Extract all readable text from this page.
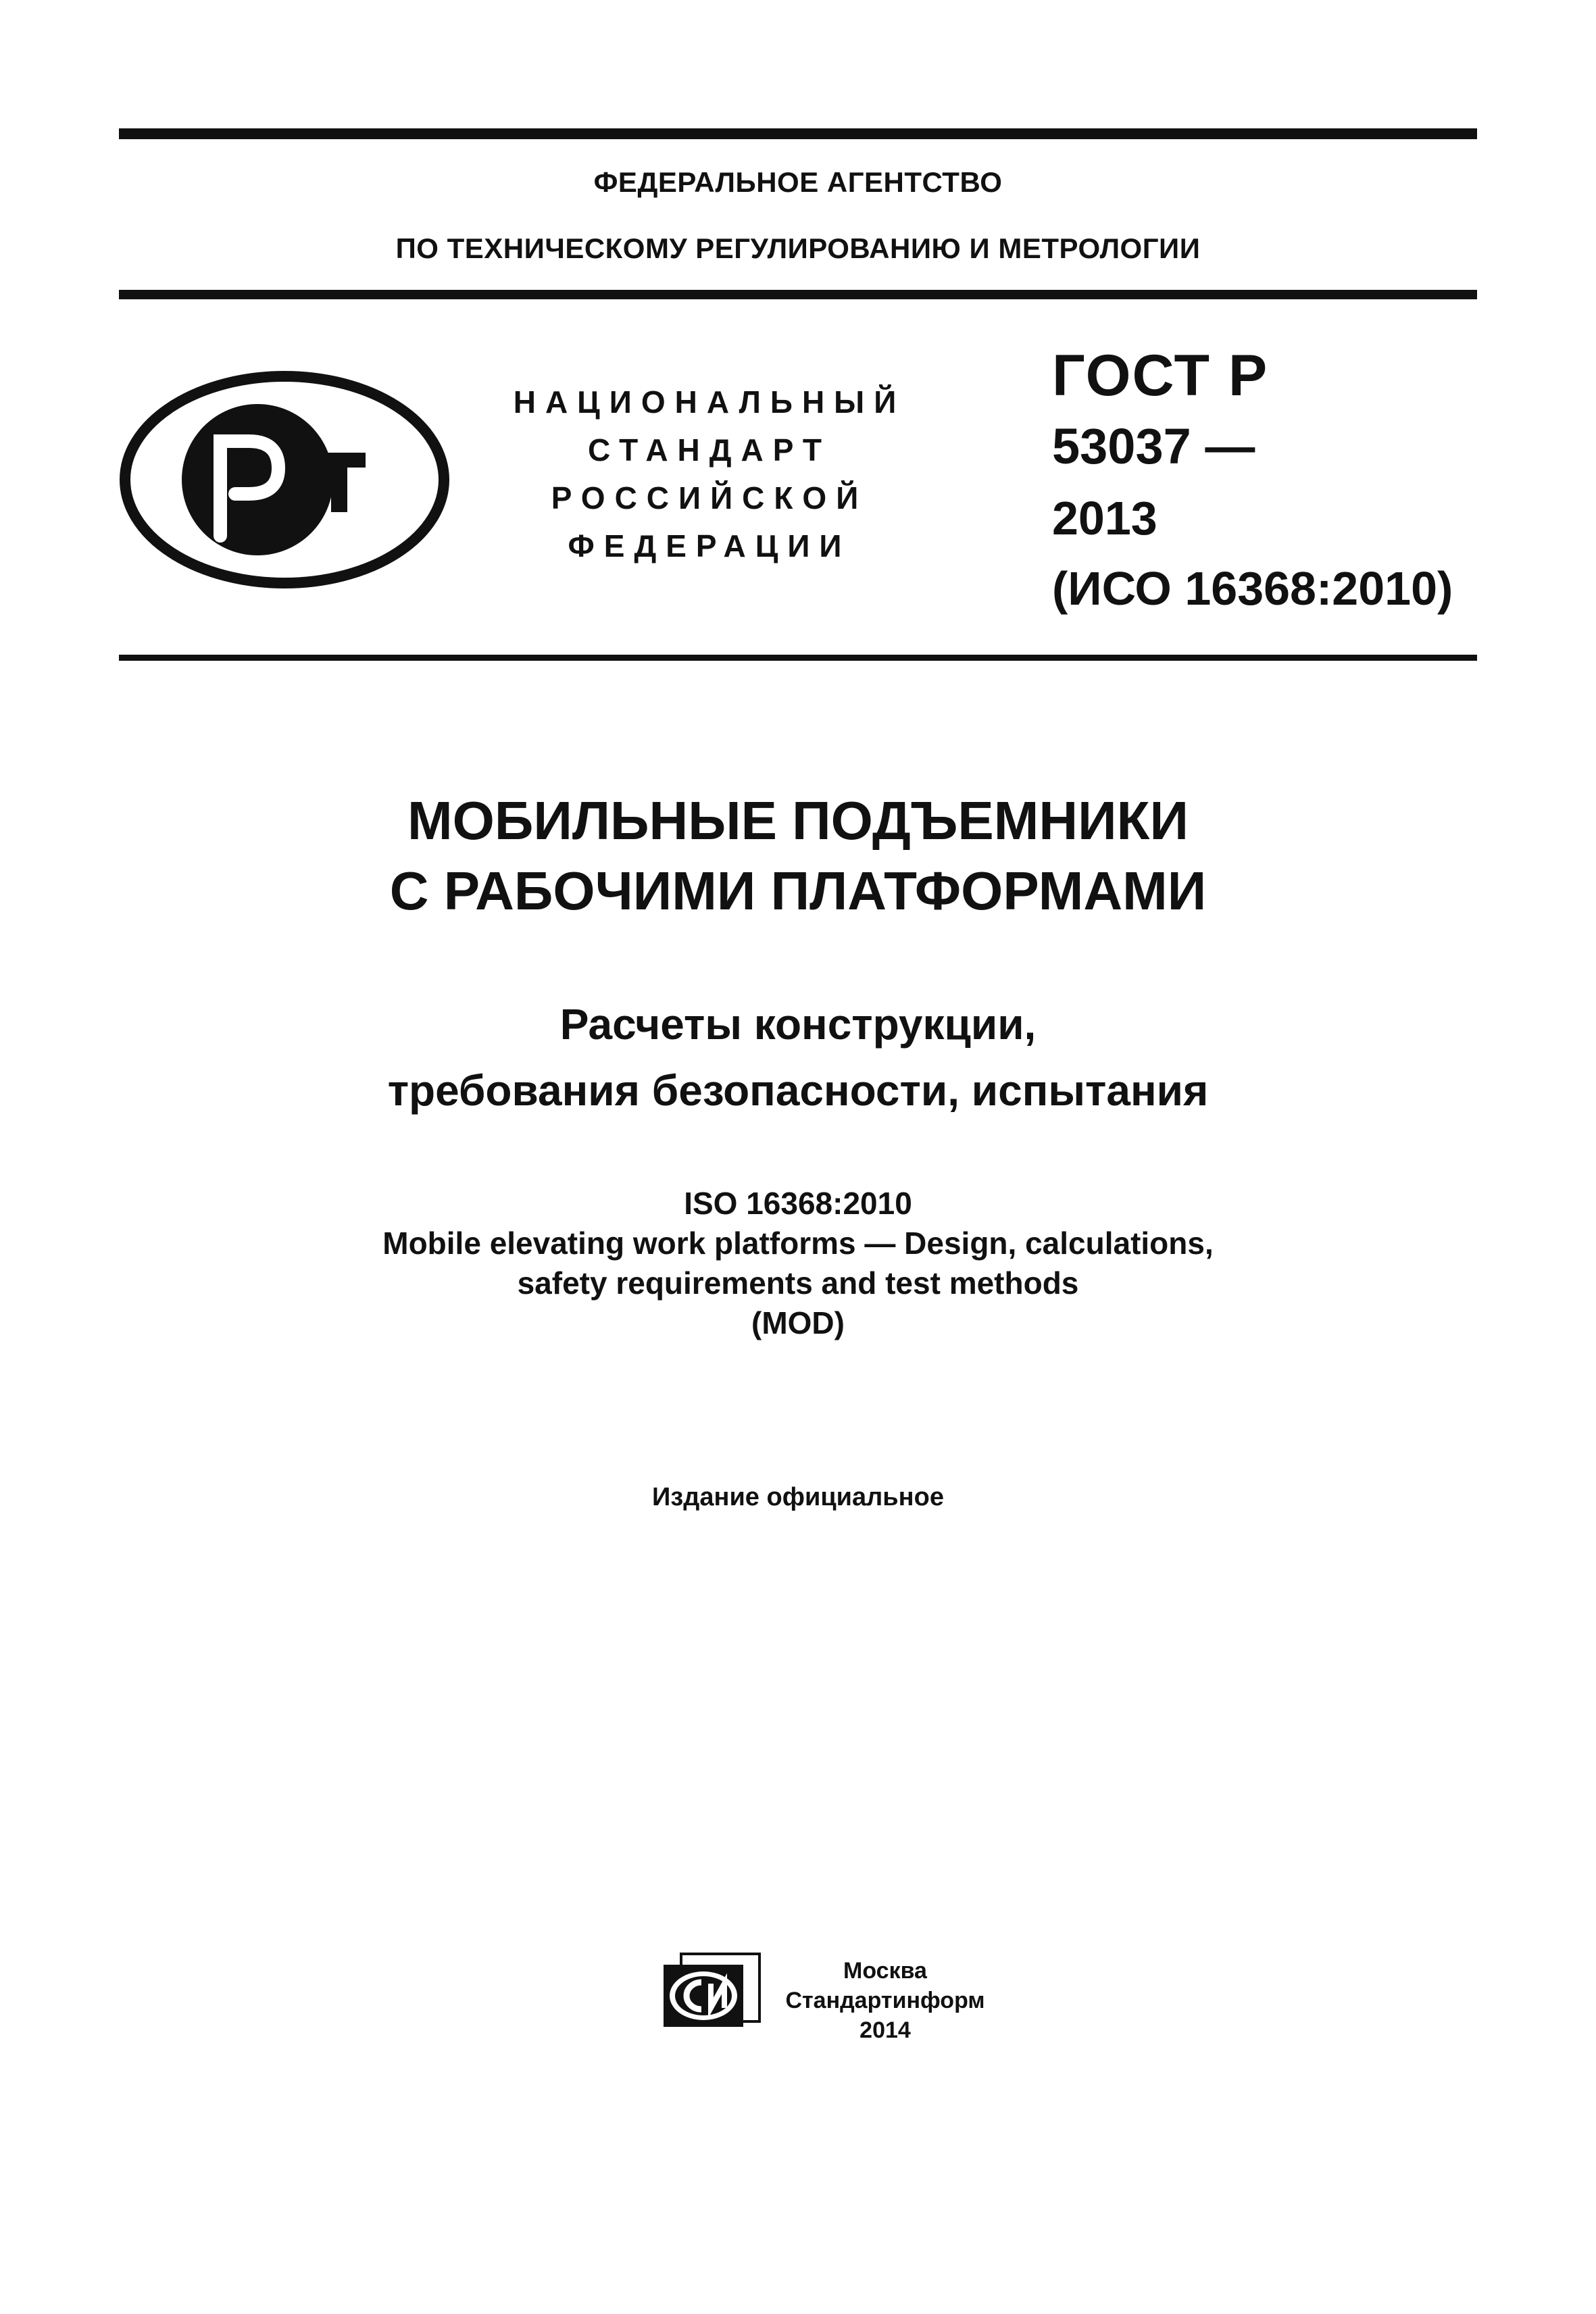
ФЕДЕРАЛЬНОЕ АГЕНТСТВО
ПО ТЕХНИЧЕСКОМУ РЕГУЛИРОВАНИЮ И МЕТРОЛОГИИ
НАЦИОНАЛЬНЫЙ
СТАНДАРТ
РОССИЙСКОЙ
ФЕДЕРАЦИИ
ГОСТ Р
53037 —
2013
(ИСО 16368:2010)
МОБИЛЬНЫЕ ПОДЪЕМНИКИ
С РАБОЧИМИ ПЛАТФОРМАМИ
Расчеты конструкции,
требования безопасности, испытания
ISO 16368:2010
Mobile elevating work platforms — Design, calculations,
safety requirements and test methods
(MOD)
Издание официальное
Москва
Стандартинформ
2014
